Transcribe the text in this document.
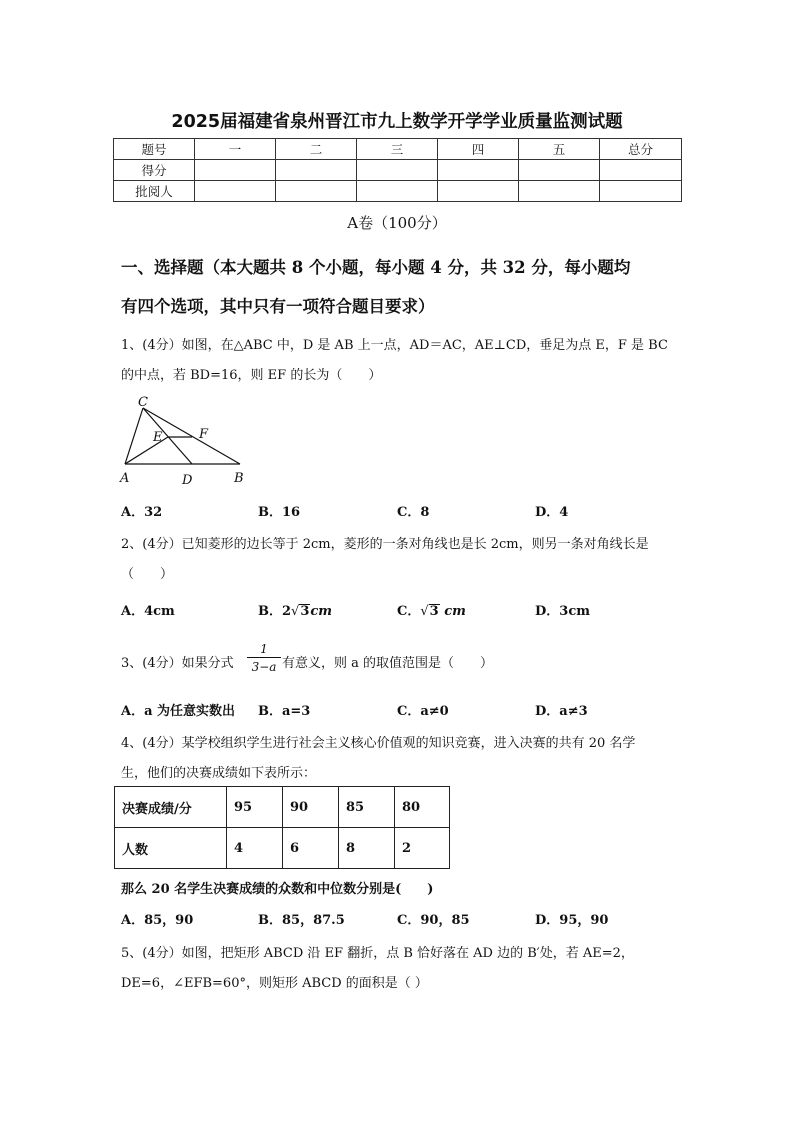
2025届福建省泉州晋江市九上数学开学学业质量监测试题
题号	一	二	三	四	五	总分
得分						
批阅人						
A卷（100分）
一、选择题（本大题共 8 个小题，每小题 4 分，共 32 分，每小题均
有四个选项，其中只有一项符合题目要求）
1、(4分）如图，在△ABC 中，D 是 AB 上一点，AD＝AC，AE⊥CD，垂足为点 E，F 是 BC
的中点，若 BD=16，则 EF 的长为（　　）
C
E	F
A	D	B
A．32	B．16	C．8	D．4
2、(4分）已知菱形的边长等于 2cm，菱形的一条对角线也是长 2cm，则另一条对角线长是
（　　）
A．4cm	B．2√3cm	C．√3 cm	D．3cm
3、(4分）如果分式
1
3−a 有意义，则 a 的取值范围是（　　）
A．a 为任意实数出 B．a=3	C．a≠0	D．a≠3
4、(4分）某学校组织学生进行社会主义核心价值观的知识竞赛，进入决赛的共有 20 名学
生，他们的决赛成绩如下表所示：
决赛成绩/分	95	90	85	80
人数	4	6	8	2
那么 20 名学生决赛成绩的众数和中位数分别是(　　)
A．85，90	B．85，87.5	C．90，85	D．95，90
5、(4分）如图，把矩形 ABCD 沿 EF 翻折，点 B 恰好落在 AD 边的 B′处，若 AE=2，
DE=6，∠EFB=60°，则矩形 ABCD 的面积是（ ）
